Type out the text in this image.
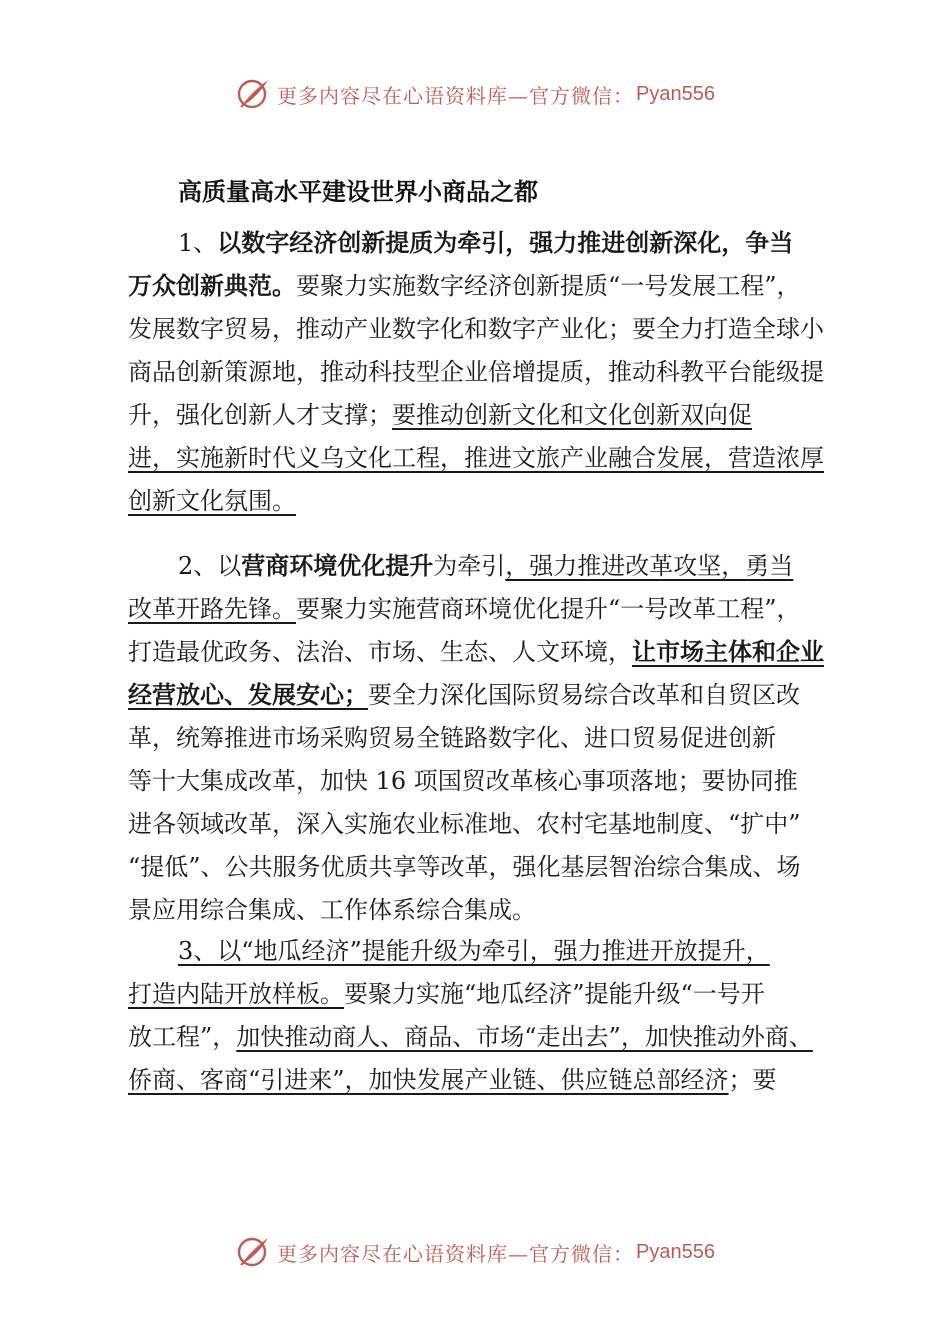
更多内容尽在心语资料库—官方微信： Pyan556
高质量高水平建设世界小商品之都
1、以数字经济创新提质为牵引，强力推进创新深化，争当
万众创新典范。要聚力实施数字经济创新提质“一号发展工程”，
发展数字贸易，推动产业数字化和数字产业化；要全力打造全球小
商品创新策源地，推动科技型企业倍增提质，推动科教平台能级提
升，强化创新人才支撑；要推动创新文化和文化创新双向促
进，实施新时代义乌文化工程，推进文旅产业融合发展，营造浓厚
创新文化氛围。
2、以营商环境优化提升为牵引，强力推进改革攻坚，勇当
改革开路先锋。要聚力实施营商环境优化提升“一号改革工程”，
打造最优政务、法治、市场、生态、人文环境，让市场主体和企业
经营放心、发展安心；要全力深化国际贸易综合改革和自贸区改
革，统筹推进市场采购贸易全链路数字化、进口贸易促进创新
等十大集成改革，加快 16 项国贸改革核心事项落地；要协同推
进各领域改革，深入实施农业标准地、农村宅基地制度、“扩中”
“提低”、公共服务优质共享等改革，强化基层智治综合集成、场
景应用综合集成、工作体系综合集成。
3、以“地瓜经济”提能升级为牵引，强力推进开放提升，
打造内陆开放样板。要聚力实施“地瓜经济”提能升级“一号开
放工程”，加快推动商人、商品、市场“走出去”，加快推动外商、
侨商、客商“引进来”，加快发展产业链、供应链总部经济；要
更多内容尽在心语资料库—官方微信： Pyan556
